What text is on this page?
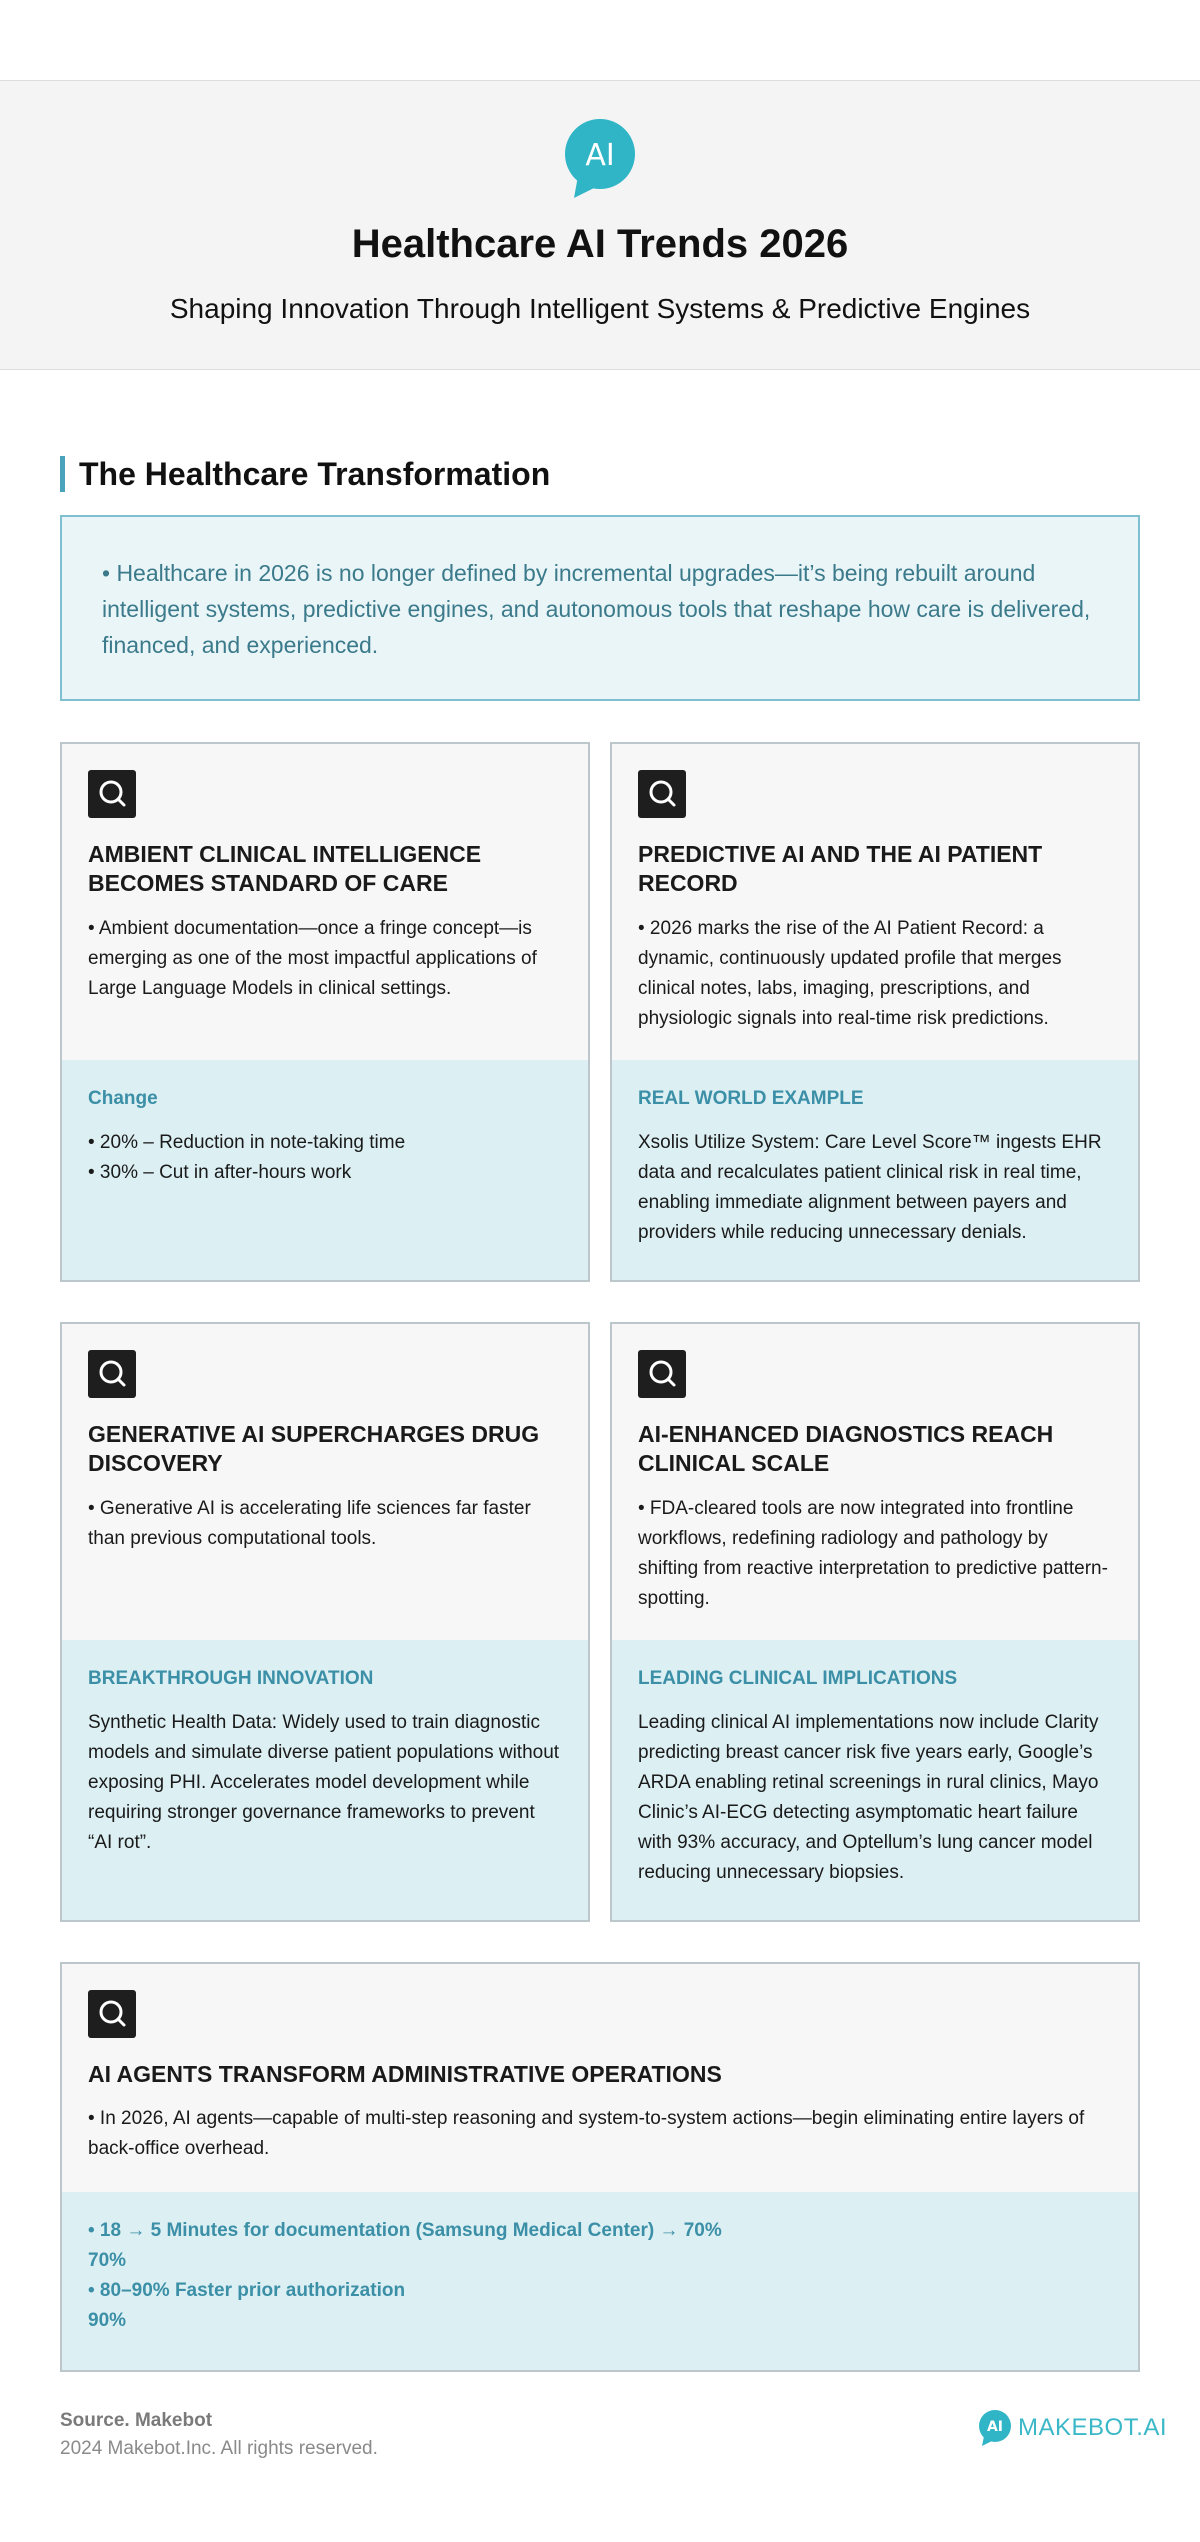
AI
Healthcare AI Trends 2026
Shaping Innovation Through Intelligent Systems & Predictive Engines
The Healthcare Transformation
• Healthcare in 2026 is no longer defined by incremental upgrades—it’s being rebuilt around intelligent systems, predictive engines, and autonomous tools that reshape how care is delivered, financed, and experienced.
AMBIENT CLINICAL INTELLIGENCE BECOMES STANDARD OF CARE
• Ambient documentation—once a fringe concept—is emerging as one of the most impactful applications of Large Language Models in clinical settings.
Change
• 20% – Reduction in note-taking time
• 30% – Cut in after-hours work
PREDICTIVE AI AND THE AI PATIENT RECORD
• 2026 marks the rise of the AI Patient Record: a dynamic, continuously updated profile that merges clinical notes, labs, imaging, prescriptions, and physiologic signals into real-time risk predictions.
REAL WORLD EXAMPLE
Xsolis Utilize System: Care Level Score™ ingests EHR data and recalculates patient clinical risk in real time, enabling immediate alignment between payers and providers while reducing unnecessary denials.
GENERATIVE AI SUPERCHARGES DRUG DISCOVERY
• Generative AI is accelerating life sciences far faster than previous computational tools.
BREAKTHROUGH INNOVATION
Synthetic Health Data: Widely used to train diagnostic models and simulate diverse patient populations without exposing PHI. Accelerates model development while requiring stronger governance frameworks to prevent “AI rot”.
AI-ENHANCED DIAGNOSTICS REACH CLINICAL SCALE
• FDA-cleared tools are now integrated into frontline workflows, redefining radiology and pathology by shifting from reactive interpretation to predictive pattern-spotting.
LEADING CLINICAL IMPLICATIONS
Leading clinical AI implementations now include Clarity predicting breast cancer risk five years early, Google’s ARDA enabling retinal screenings in rural clinics, Mayo Clinic’s AI-ECG detecting asymptomatic heart failure with 93% accuracy, and Optellum’s lung cancer model reducing unnecessary biopsies.
AI AGENTS TRANSFORM ADMINISTRATIVE OPERATIONS
• In 2026, AI agents—capable of multi-step reasoning and system-to-system actions—begin eliminating entire layers of back-office overhead.
• 18 → 5 Minutes for documentation (Samsung Medical Center) → 70%
70%
• 80–90% Faster prior authorization
90%
Source. Makebot
2024 Makebot.Inc. All rights reserved.
AI MAKEBOT.AI
